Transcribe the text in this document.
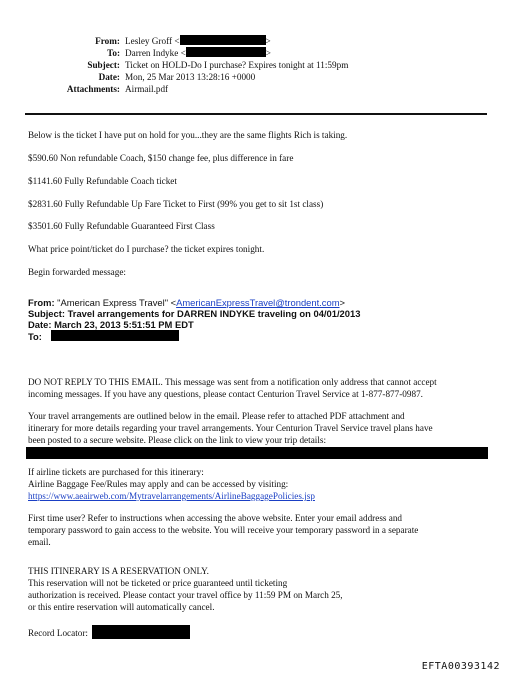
From: Lesley Groff <	>
To: Darren Indyke <	>
Subject: Ticket on HOLD-Do I purchase? Expires tonight at 11:59pm
Date: Mon, 25 Mar 2013 13:28:16 +0000
Attachments: Airmail.pdf
Below is the ticket I have put on hold for you...they are the same flights Rich is taking.
$590.60 Non refundable Coach, $150 change fee, plus difference in fare
$1141.60 Fully Refundable Coach ticket
$2831.60 Fully Refundable Up Fare Ticket to First (99% you get to sit 1st class)
$3501.60 Fully Refundable Guaranteed First Class
What price point/ticket do I purchase? the ticket expires tonight.
Begin forwarded message:
From: "American Express Travel" <AmericanExpressTravel@trondent.com>
Subject: Travel arrangements for DARREN INDYKE traveling on 04/01/2013
Date: March 23, 2013 5:51:51 PM EDT
To:
DO NOT REPLY TO THIS EMAIL. This message was sent from a notification only address that cannot accept
incoming messages. If you have any questions, please contact Centurion Travel Service at 1-877-877-0987.
Your travel arrangements are outlined below in the email. Please refer to attached PDF attachment and
itinerary for more details regarding your travel arrangements. Your Centurion Travel Service travel plans have
been posted to a secure website. Please click on the link to view your trip details:
If airline tickets are purchased for this itinerary:
Airline Baggage Fee/Rules may apply and can be accessed by visiting:
https://www.aeairweb.com/Mytravelarrangements/AirlineBaggagePolicies.jsp
First time user? Refer to instructions when accessing the above website. Enter your email address and
temporary password to gain access to the website. You will receive your temporary password in a separate
email.
THIS ITINERARY IS A RESERVATION ONLY.
This reservation will not be ticketed or price guaranteed until ticketing
authorization is received. Please contact your travel office by 11:59 PM on March 25,
or this entire reservation will automatically cancel.
Record Locator:
EFTA00393142
